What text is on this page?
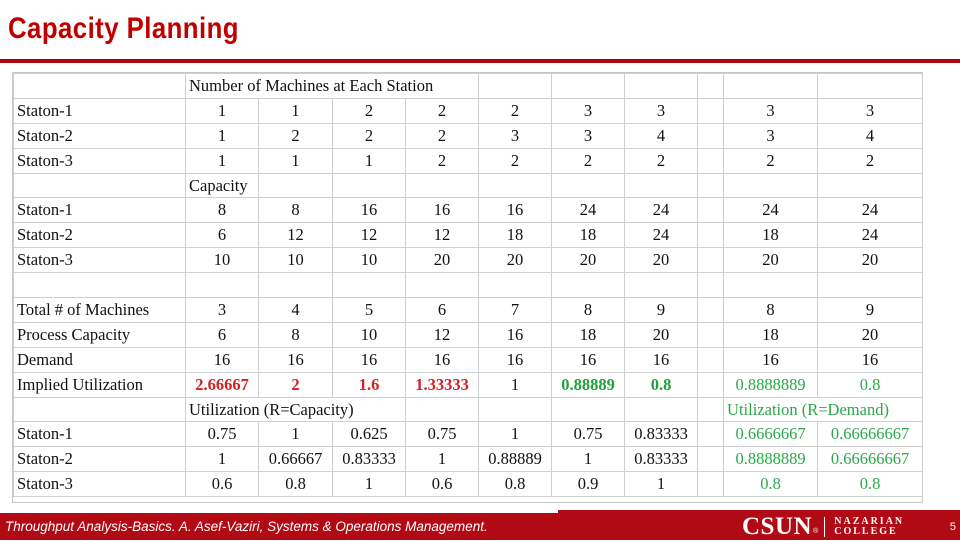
Capacity Planning
	Number of Machines at Each Station									
Staton-1	1	1	2	2	2	3	3		3	3
Staton-2	1	2	2	2	3	3	4		3	4
Staton-3	1	1	1	2	2	2	2		2	2
	Capacity									
Staton-1	8	8	16	16	16	24	24		24	24
Staton-2	6	12	12	12	18	18	24		18	24
Staton-3	10	10	10	20	20	20	20		20	20

Total # of Machines	3	4	5	6	7	8	9		8	9
Process Capacity	6	8	10	12	16	18	20		18	20
Demand	16	16	16	16	16	16	16		16	16
Implied Utilization	2.66667	2	1.6	1.33333	1	0.88889	0.8		0.8888889	0.8
	Utilization (R=Capacity)								Utilization (R=Demand)	
Staton-1	0.75	1	0.625	0.75	1	0.75	0.83333		0.6666667	0.66666667
Staton-2	1	0.66667	0.83333	1	0.88889	1	0.83333		0.8888889	0.66666667
Staton-3	0.6	0.8	1	0.6	0.8	0.9	1		0.8	0.8
Throughput Analysis-Basics. A. Asef-Vaziri, Systems & Operations Management.	CSUN ®
NAZARIAN
COLLEGE	5
